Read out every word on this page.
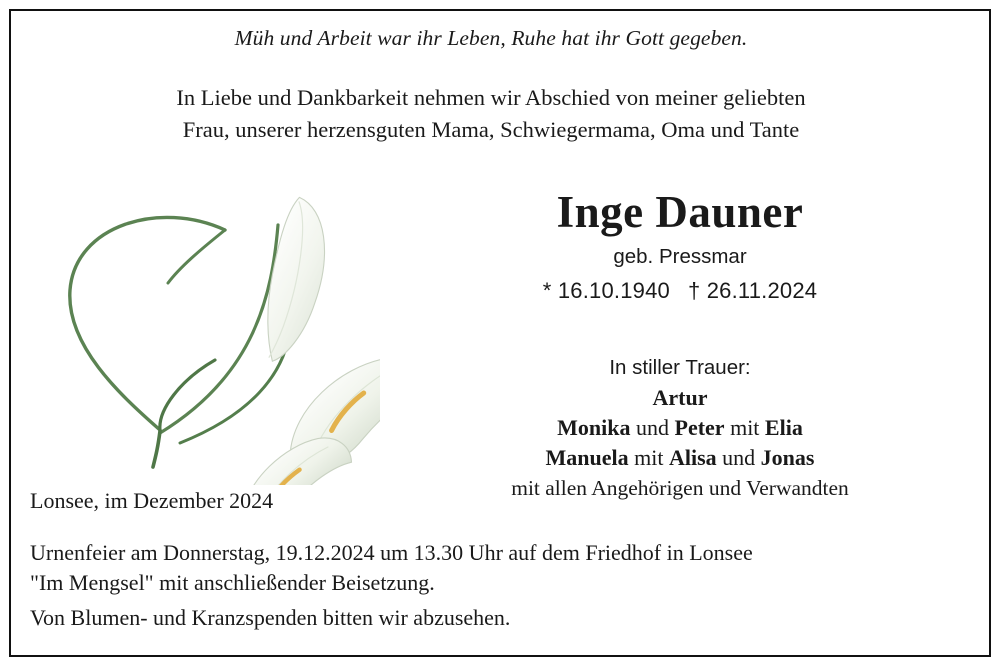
Müh und Arbeit war ihr Leben, Ruhe hat ihr Gott gegeben.
In Liebe und Dankbarkeit nehmen wir Abschied von meiner geliebten
Frau, unserer herzensguten Mama, Schwiegermama, Oma und Tante
Inge Dauner
geb. Pressmar
* 16.10.1940 † 26.11.2024
In stiller Trauer:
Artur
Monika und Peter mit Elia
Manuela mit Alisa und Jonas
mit allen Angehörigen und Verwandten
Lonsee, im Dezember 2024
Urnenfeier am Donnerstag, 19.12.2024 um 13.30 Uhr auf dem Friedhof in Lonsee
"Im Mengsel" mit anschließender Beisetzung.
Von Blumen- und Kranzspenden bitten wir abzusehen.
